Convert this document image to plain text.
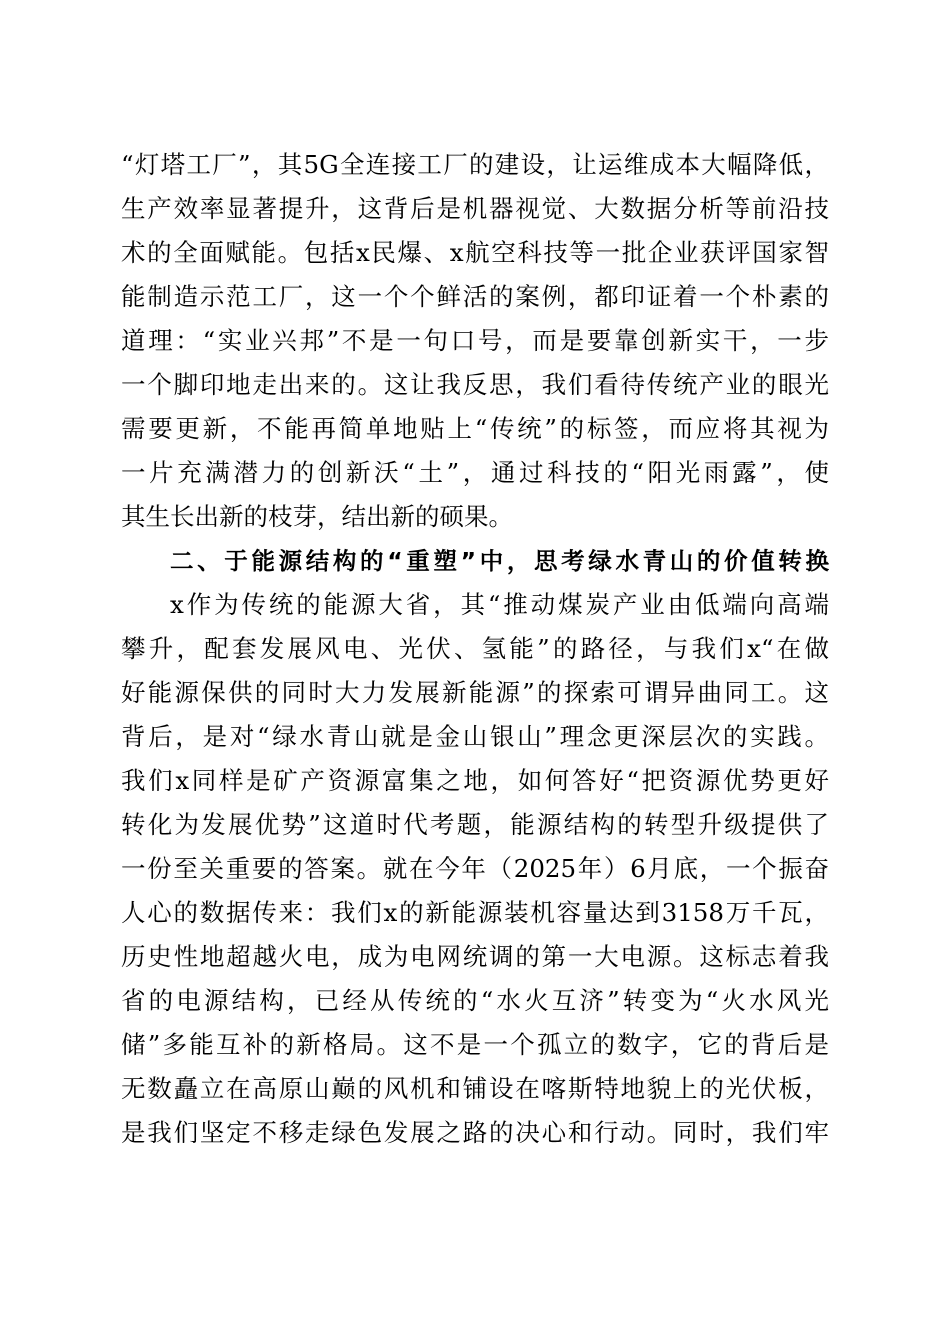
“灯塔工厂”，其5G全连接工厂的建设，让运维成本大幅降低，
生产效率显著提升，这背后是机器视觉、大数据分析等前沿技
术的全面赋能。包括x民爆、x航空科技等一批企业获评国家智
能制造示范工厂，这一个个鲜活的案例，都印证着一个朴素的
道理：“实业兴邦”不是一句口号，而是要靠创新实干，一步
一个脚印地走出来的。这让我反思，我们看待传统产业的眼光
需要更新，不能再简单地贴上“传统”的标签，而应将其视为
一片充满潜力的创新沃“土”，通过科技的“阳光雨露”，使
其生长出新的枝芽，结出新的硕果。
二、于能源结构的“重塑”中，思考绿水青山的价值转换
x作为传统的能源大省，其“推动煤炭产业由低端向高端
攀升，配套发展风电、光伏、氢能”的路径，与我们x“在做
好能源保供的同时大力发展新能源”的探索可谓异曲同工。这
背后，是对“绿水青山就是金山银山”理念更深层次的实践。
我们x同样是矿产资源富集之地，如何答好“把资源优势更好
转化为发展优势”这道时代考题，能源结构的转型升级提供了
一份至关重要的答案。就在今年（2025年）6月底，一个振奋
人心的数据传来：我们x的新能源装机容量达到3158万千瓦，
历史性地超越火电，成为电网统调的第一大电源。这标志着我
省的电源结构，已经从传统的“水火互济”转变为“火水风光
储”多能互补的新格局。这不是一个孤立的数字，它的背后是
无数矗立在高原山巅的风机和铺设在喀斯特地貌上的光伏板，
是我们坚定不移走绿色发展之路的决心和行动。同时，我们牢
